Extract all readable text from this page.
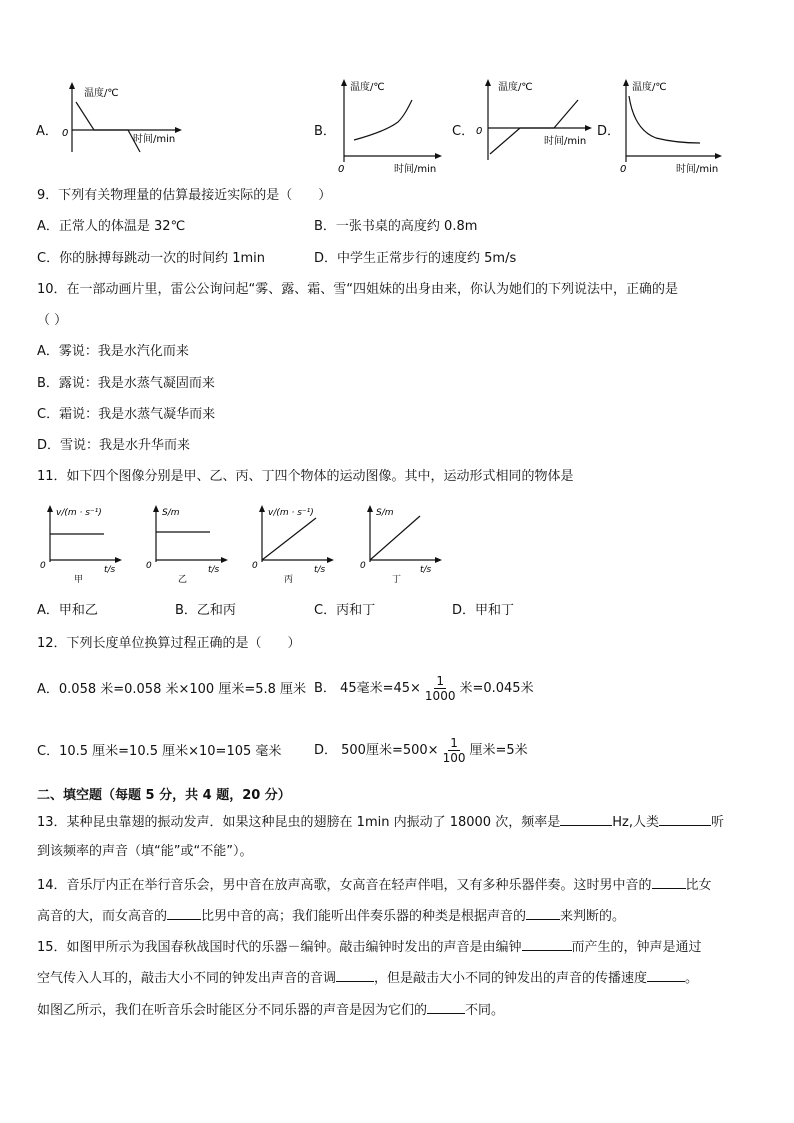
A．
温度/℃
0
时间/min
B．
温度/℃
0	时间/min
C．
温度/℃
0
时间/min
D．
温度/℃
0	时间/min
9．下列有关物理量的估算最接近实际的是（　　）
A．正常人的体温是 32℃	B．一张书桌的高度约 0.8m
C．你的脉搏每跳动一次的时间约 1min	D．中学生正常步行的速度约 5m/s
10．在一部动画片里，雷公公询问起“雾、露、霜、雪“四姐妹的出身由来，你认为她们的下列说法中，正确的是
（ ）
A．雾说：我是水汽化而来
B．露说：我是水蒸气凝固而来
C．霜说：我是水蒸气凝华而来
D．雪说：我是水升华而来
11．如下四个图像分别是甲、乙、丙、丁四个物体的运动图像。其中，运动形式相同的物体是
v/(m · s⁻¹)
0	t/s
甲
S/m
0	t/s
乙
v/(m · s⁻¹)
0	t/s
丙
S/m
0	t/s
丁
A．甲和乙	B．乙和丙	C．丙和丁	D．甲和丁
12．下列长度单位换算过程正确的是（　　）
A．0.058 米=0.058 米×100 厘米=5.8 厘米 B． 45毫米$=45\times \frac{1}{1000}$ 米=0.045米
C．10.5 厘米=10.5 厘米×10=105 毫米	D． 500厘米$=500\times \frac{1}{100}$ 厘米=5米
二、填空题（每题 5 分，共 4 题，20 分）
13．某种昆虫靠翅的振动发声．如果这种昆虫的翅膀在 1min 内振动了 18000 次，频率是	Hz,人类	听
到该频率的声音（填“能”或“不能”）。
14．音乐厅内正在举行音乐会，男中音在放声高歌，女高音在轻声伴唱，又有多种乐器伴奏。这时男中音的	比女
高音的大，而女高音的	比男中音的高；我们能听出伴奏乐器的种类是根据声音的	来判断的。
15．如图甲所示为我国春秋战国时代的乐器－编钟。敲击编钟时发出的声音是由编钟	而产生的，钟声是通过
空气传入人耳的，敲击大小不同的钟发出声音的音调	，但是敲击大小不同的钟发出的声音的传播速度	。
如图乙所示，我们在听音乐会时能区分不同乐器的声音是因为它们的	不同。
